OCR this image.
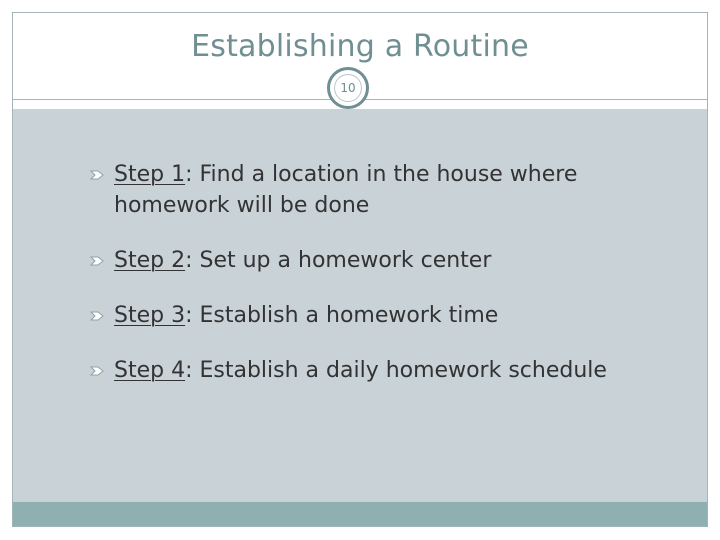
Establishing a Routine
10
Step 1: Find a location in the house where
homework will be done
Step 2: Set up a homework center
Step 3: Establish a homework time
Step 4: Establish a daily homework schedule
